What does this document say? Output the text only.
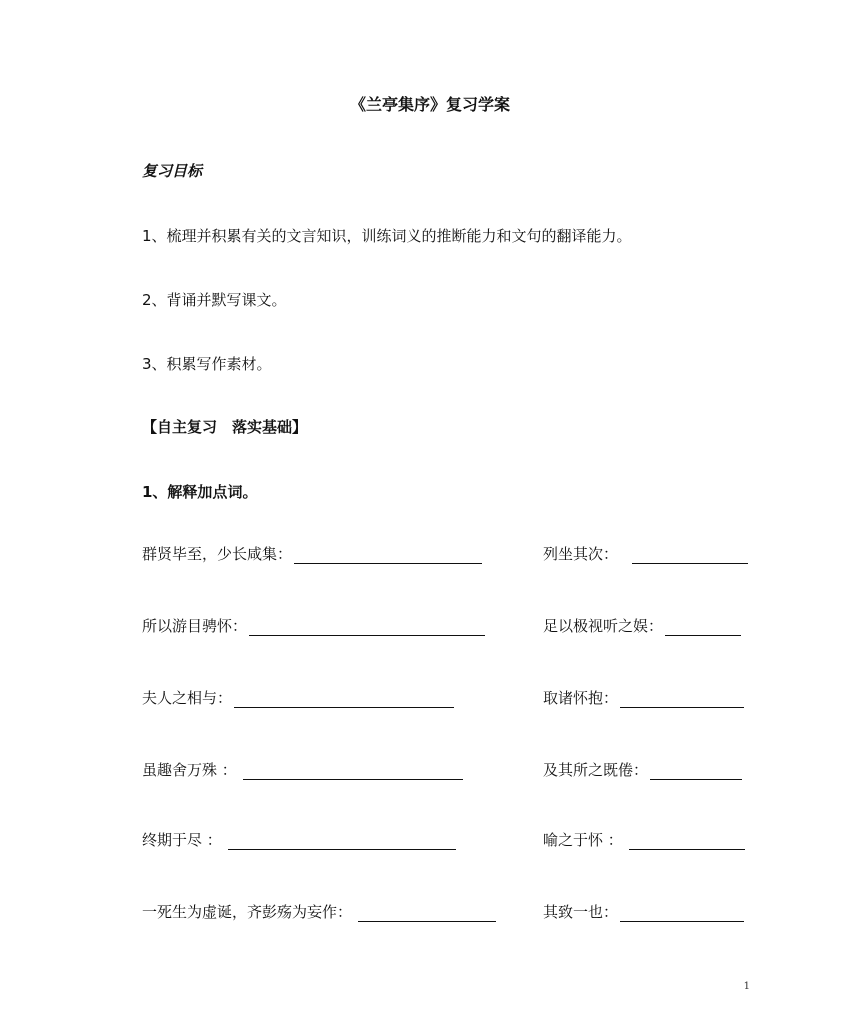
《兰亭集序》复习学案
复习目标
1、梳理并积累有关的文言知识，训练词义的推断能力和文句的翻译能力。
2、背诵并默写课文。
3、积累写作素材。
【自主复习　落实基础】
1、解释加点词。
群贤毕至，少长咸集：	列坐其次：
所以游目骋怀：	足以极视听之娱：
夫人之相与：	取诸怀抱：
虽趣舍万殊 ：	及其所之既倦：
终期于尽 ：	喻之于怀 ：
一死生为虚诞，齐彭殇为妄作：	其致一也：
1
